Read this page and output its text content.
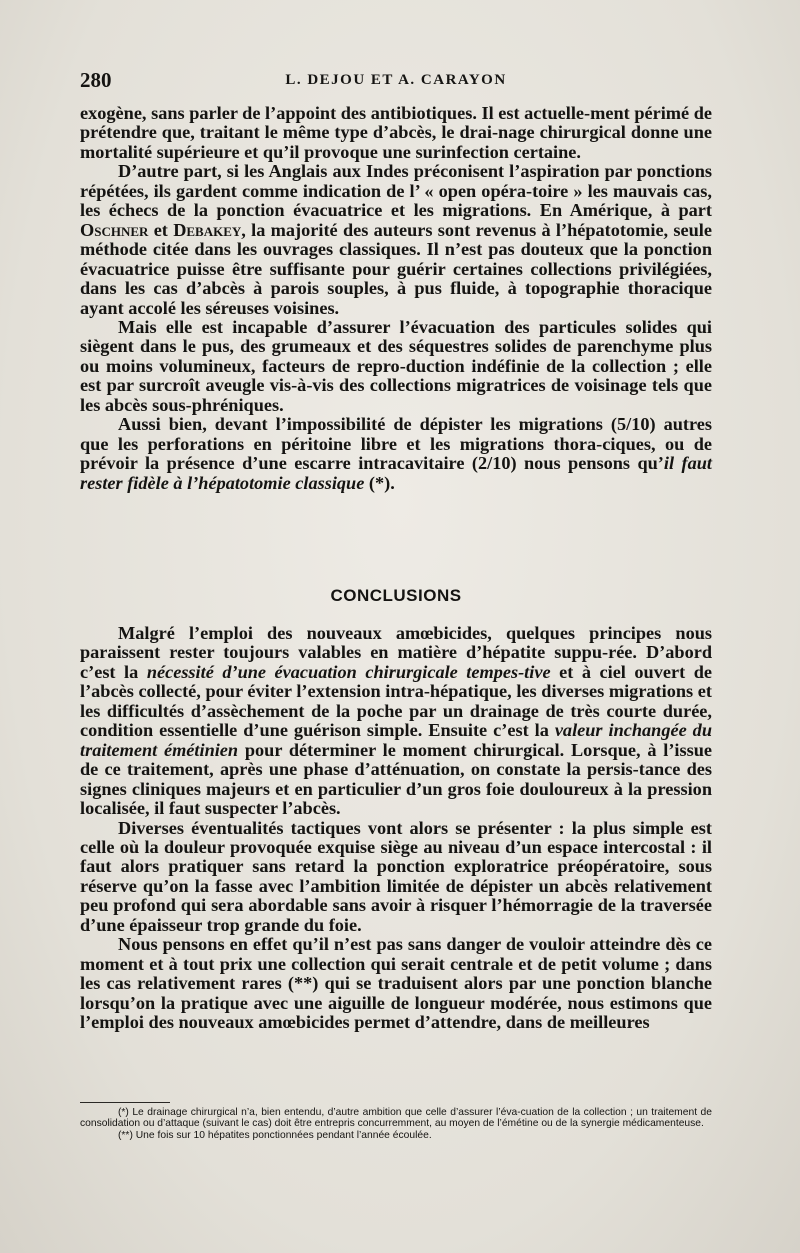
280	L. DEJOU ET A. CARAYON

exogène, sans parler de l’appoint des antibiotiques. Il est actuelle-ment périmé de prétendre que, traitant le même type d’abcès, le drai-nage chirurgical donne une mortalité supérieure et qu’il provoque une surinfection certaine.

D’autre part, si les Anglais aux Indes préconisent l’aspiration par ponctions répétées, ils gardent comme indication de l’ « open opéra-toire » les mauvais cas, les échecs de la ponction évacuatrice et les migrations. En Amérique, à part Oschner et Debakey, la majorité des auteurs sont revenus à l’hépatotomie, seule méthode citée dans les ouvrages classiques. Il n’est pas douteux que la ponction évacuatrice puisse être suffisante pour guérir certaines collections privilégiées, dans les cas d’abcès à parois souples, à pus fluide, à topographie thoracique ayant accolé les séreuses voisines.

Mais elle est incapable d’assurer l’évacuation des particules solides qui siègent dans le pus, des grumeaux et des séquestres solides de parenchyme plus ou moins volumineux, facteurs de repro-duction indéfinie de la collection ; elle est par surcroît aveugle vis-à-vis des collections migratrices de voisinage tels que les abcès sous-phréniques.

Aussi bien, devant l’impossibilité de dépister les migrations (5/10) autres que les perforations en péritoine libre et les migrations thora-ciques, ou de prévoir la présence d’une escarre intracavitaire (2/10) nous pensons qu’il faut rester fidèle à l’hépatotomie classique (*).

CONCLUSIONS

Malgré l’emploi des nouveaux amœbicides, quelques principes nous paraissent rester toujours valables en matière d’hépatite suppu-rée. D’abord c’est la nécessité d’une évacuation chirurgicale tempes-tive et à ciel ouvert de l’abcès collecté, pour éviter l’extension intra-hépatique, les diverses migrations et les difficultés d’assèchement de la poche par un drainage de très courte durée, condition essentielle d’une guérison simple. Ensuite c’est la valeur inchangée du traitement émétinien pour déterminer le moment chirurgical. Lorsque, à l’issue de ce traitement, après une phase d’atténuation, on constate la persis-tance des signes cliniques majeurs et en particulier d’un gros foie douloureux à la pression localisée, il faut suspecter l’abcès.

Diverses éventualités tactiques vont alors se présenter : la plus simple est celle où la douleur provoquée exquise siège au niveau d’un espace intercostal : il faut alors pratiquer sans retard la ponction exploratrice préopératoire, sous réserve qu’on la fasse avec l’ambition limitée de dépister un abcès relativement peu profond qui sera abordable sans avoir à risquer l’hémorragie de la traversée d’une épaisseur trop grande du foie.

Nous pensons en effet qu’il n’est pas sans danger de vouloir atteindre dès ce moment et à tout prix une collection qui serait centrale et de petit volume ; dans les cas relativement rares (**) qui se traduisent alors par une ponction blanche lorsqu’on la pratique avec une aiguille de longueur modérée, nous estimons que l’emploi des nouveaux amœbicides permet d’attendre, dans de meilleures

(*) Le drainage chirurgical n’a, bien entendu, d’autre ambition que celle d’assurer l’éva-cuation de la collection ; un traitement de consolidation ou d’attaque (suivant le cas) doit être entrepris concurremment, au moyen de l’émétine ou de la synergie médicamenteuse.

(**) Une fois sur 10 hépatites ponctionnées pendant l’année écoulée.
